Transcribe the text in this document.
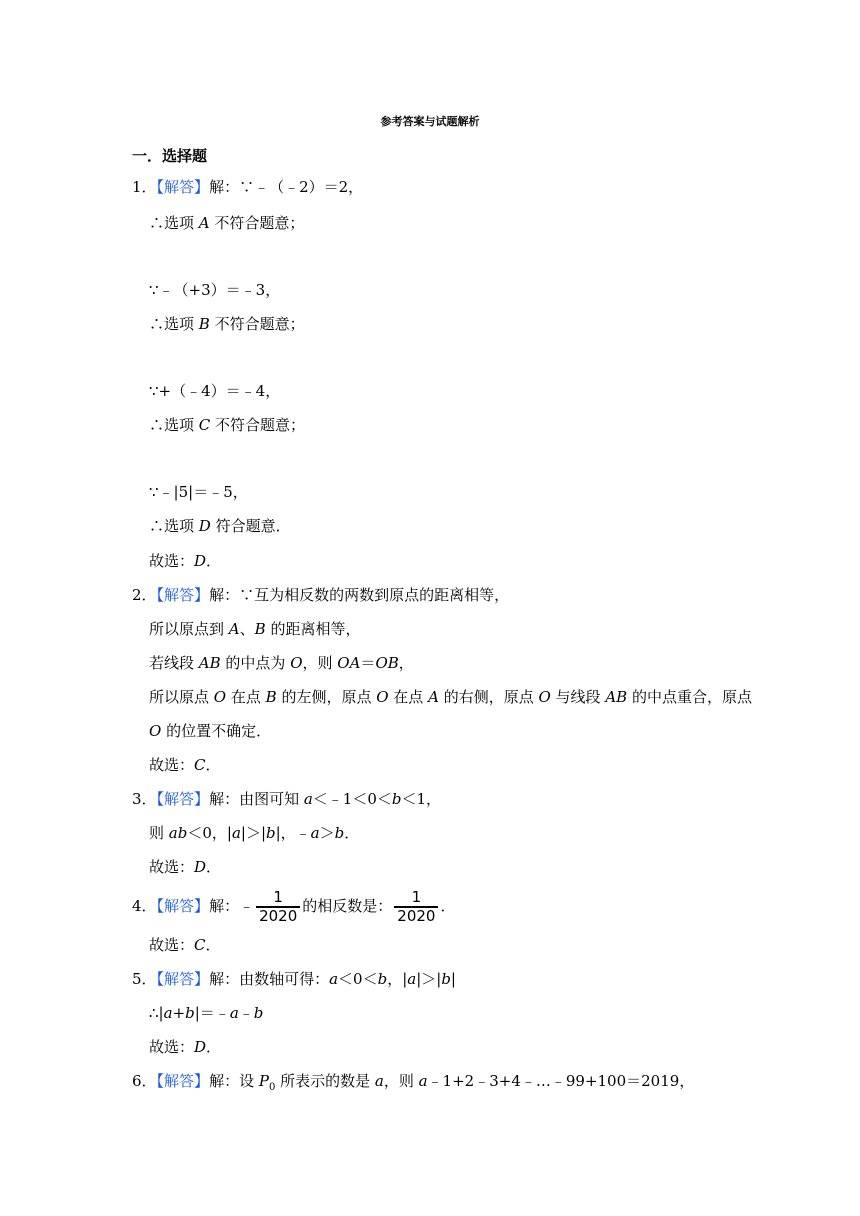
参考答案与试题解析
一．选择题
1．【解答】解：∵﹣（﹣2）＝2，
∴选项 A 不符合题意；
∵﹣（+3）＝﹣3，
∴选项 B 不符合题意；
∵+（﹣4）＝﹣4，
∴选项 C 不符合题意；
∵﹣|5|＝﹣5，
∴选项 D 符合题意．
故选：D．
2．【解答】解：∵互为相反数的两数到原点的距离相等，
所以原点到 A、B 的距离相等，
若线段 AB 的中点为 O，则 OA＝OB，
所以原点 O 在点 B 的左侧，原点 O 在点 A 的右侧，原点 O 与线段 AB 的中点重合，原点
O 的位置不确定．
故选：C．
3．【解答】解：由图可知 a＜﹣1＜0＜b＜1，
则 ab＜0，|a|＞|b|，﹣a＞b．
故选：D．
4．【解答】解：﹣ $\frac{1}{2020}$ 的相反数是： $\frac{1}{2020}$ ．
故选：C．
5．【解答】解：由数轴可得：a＜0＜b，|a|＞|b|
∴|a+b|＝﹣a﹣b
故选：D．
6．【解答】解：设 $P_0$ 所表示的数是 a，则 a﹣1+2﹣3+4﹣…﹣99+100＝2019，
